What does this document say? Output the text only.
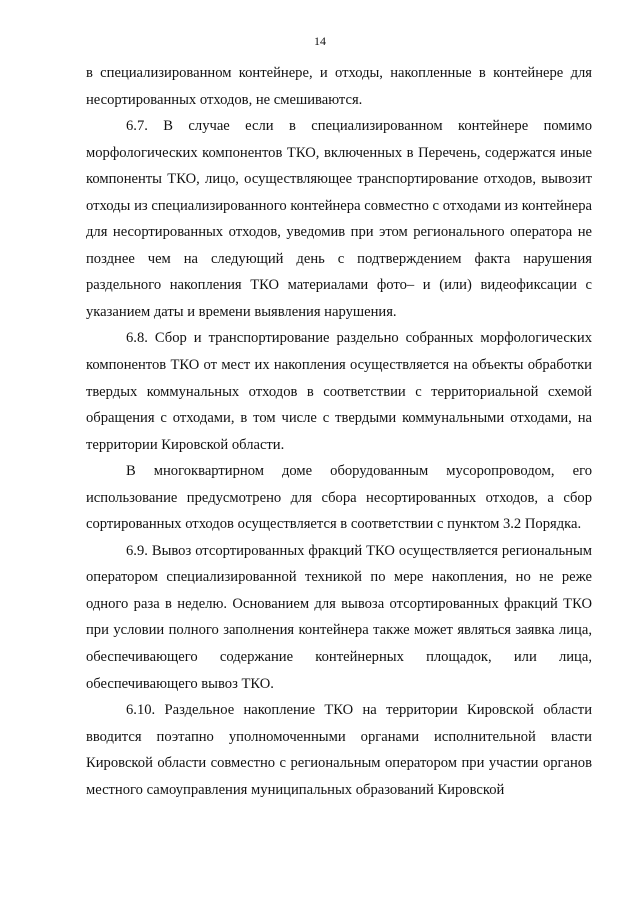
14

в специализированном контейнере, и отходы, накопленные в контейнере для несортированных отходов, не смешиваются.

6.7. В случае если в специализированном контейнере помимо морфологических компонентов ТКО, включенных в Перечень, содержатся иные компоненты ТКО, лицо, осуществляющее транспортирование отходов, вывозит отходы из специализированного контейнера совместно с отходами из контейнера для несортированных отходов, уведомив при этом регионального оператора не позднее чем на следующий день с подтверждением факта нарушения раздельного накопления ТКО материалами фото– и (или) видеофиксации с указанием даты и времени выявления нарушения.

6.8. Сбор и транспортирование раздельно собранных морфологических компонентов ТКО от мест их накопления осуществляется на объекты обработки твердых коммунальных отходов в соответствии с территориальной схемой обращения с отходами, в том числе с твердыми коммунальными отходами, на территории Кировской области.

В многоквартирном доме оборудованным мусоропроводом, его использование предусмотрено для сбора несортированных отходов, а сбор сортированных отходов осуществляется в соответствии с пунктом 3.2 Порядка.

6.9. Вывоз отсортированных фракций ТКО осуществляется региональным оператором специализированной техникой по мере накопления, но не реже одного раза в неделю. Основанием для вывоза отсортированных фракций ТКО при условии полного заполнения контейнера также может являться заявка лица, обеспечивающего содержание контейнерных площадок, или лица, обеспечивающего вывоз ТКО.

6.10. Раздельное накопление ТКО на территории Кировской области вводится поэтапно уполномоченными органами исполнительной власти Кировской области совместно с региональным оператором при участии органов местного самоуправления муниципальных образований Кировской
